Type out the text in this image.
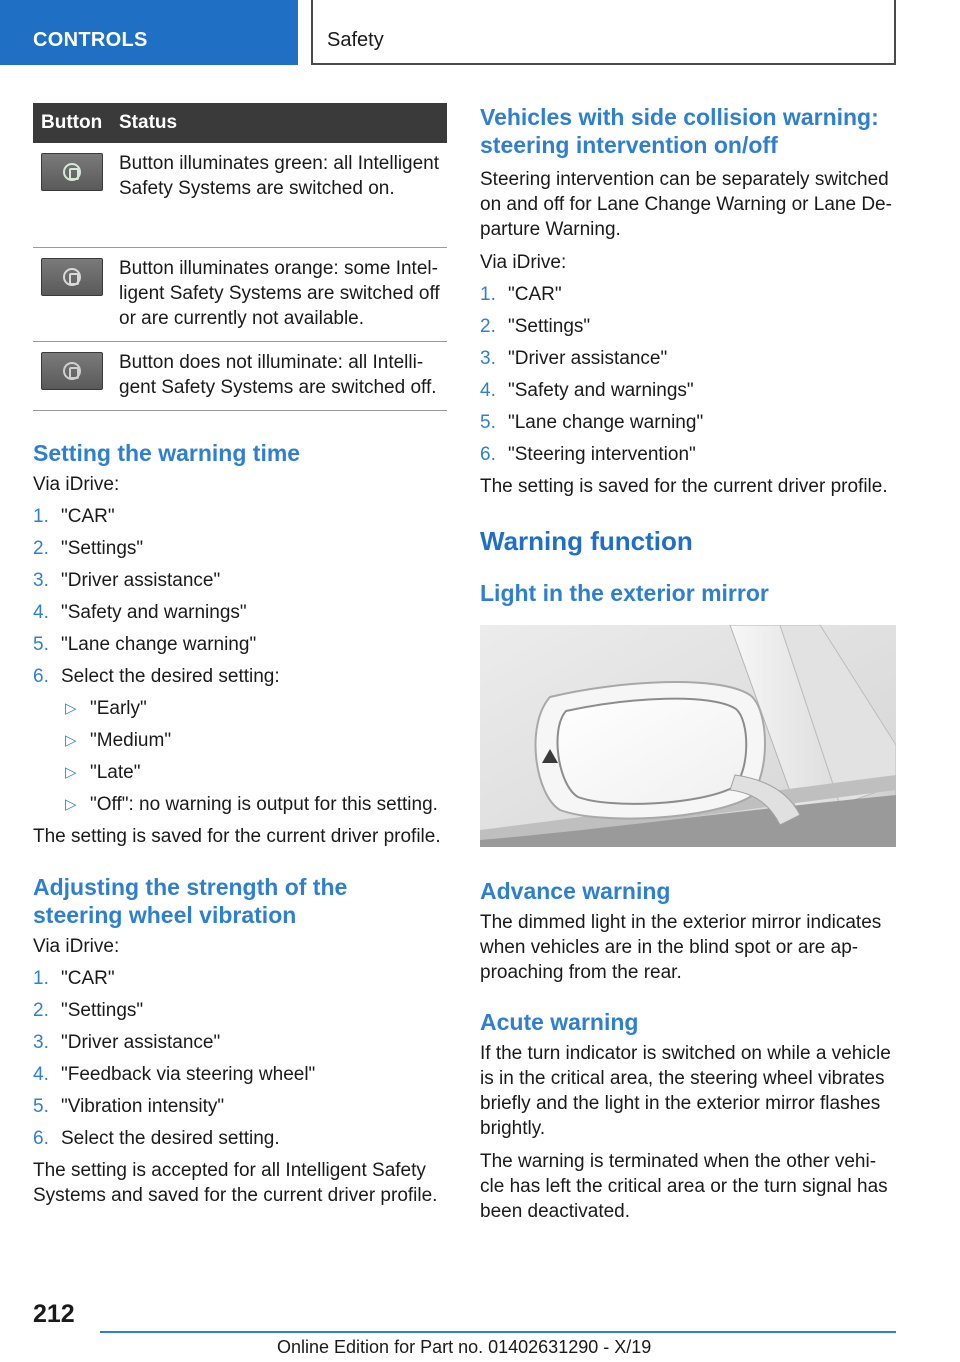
CONTROLS	Safety
Button	Status

	Button illuminates green: all Intelligent Safety Systems are switched on.

	Button illuminates orange: some Intel-ligent Safety Systems are switched off or are currently not available.

	Button does not illuminate: all Intelli-gent Safety Systems are switched off.
Setting the warning time

Via iDrive:

1. "CAR"
2. "Settings"
3. "Driver assistance"
4. "Safety and warnings"
5. "Lane change warning"
6. Select the desired setting:
▷ "Early"
▷ "Medium"
▷ "Late"
▷ "Off": no warning is output for this setting.

The setting is saved for the current driver profile.

Adjusting the strength of the
steering wheel vibration

Via iDrive:

1. "CAR"
2. "Settings"
3. "Driver assistance"
4. "Feedback via steering wheel"
5. "Vibration intensity"
6. Select the desired setting.

The setting is accepted for all Intelligent Safety Systems and saved for the current driver profile.

Vehicles with side collision warning:
steering intervention on/off

Steering intervention can be separately switched on and off for Lane Change Warning or Lane De-parture Warning.

Via iDrive:

1. "CAR"
2. "Settings"
3. "Driver assistance"
4. "Safety and warnings"
5. "Lane change warning"
6. "Steering intervention"

The setting is saved for the current driver profile.

Warning function
Light in the exterior mirror
Advance warning

The dimmed light in the exterior mirror indicates when vehicles are in the blind spot or are ap-proaching from the rear.

Acute warning

If the turn indicator is switched on while a vehicle is in the critical area, the steering wheel vibrates briefly and the light in the exterior mirror flashes brightly.

The warning is terminated when the other vehi-cle has left the critical area or the turn signal has been deactivated.

212
Online Edition for Part no. 01402631290 - X/19
